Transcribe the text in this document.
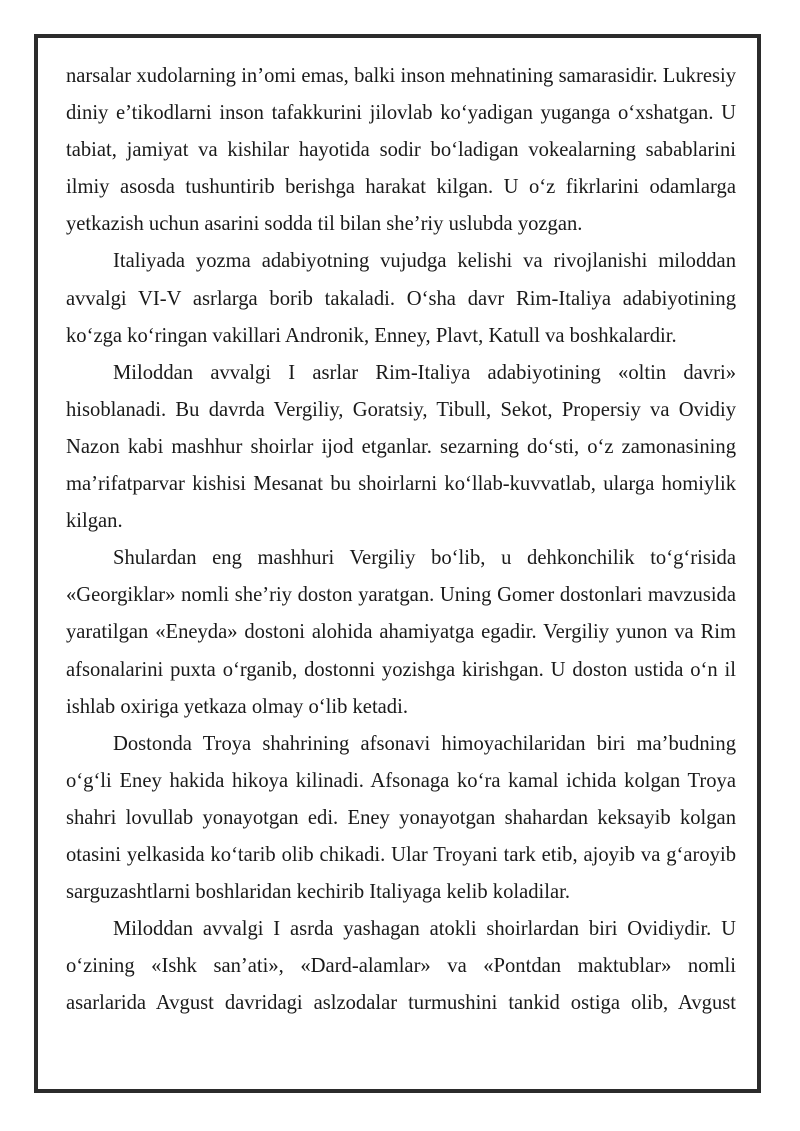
narsalar xudolarning in’omi emas, balki inson mehnatining samarasidir. Lukresiy diniy e’tikodlarni inson tafakkurini jilovlab ko‘yadigan yuganga o‘xshatgan. U tabiat, jamiyat va kishilar hayotida sodir bo‘ladigan vokealarning sabablarini ilmiy asosda tushuntirib berishga harakat kilgan. U o‘z fikrlarini odamlarga yetkazish uchun asarini sodda til bilan she’riy uslubda yozgan.

Italiyada yozma adabiyotning vujudga kelishi va rivojlanishi miloddan avvalgi VI-V asrlarga borib takaladi. O‘sha davr Rim-Italiya adabiyotining ko‘zga ko‘ringan vakillari Andronik, Enney, Plavt, Katull va boshkalardir.

Miloddan avvalgi I asrlar Rim-Italiya adabiyotining «oltin davri» hisoblanadi. Bu davrda Vergiliy, Goratsiy, Tibull, Sekot, Propersiy va Ovidiy Nazon kabi mashhur shoirlar ijod etganlar. sezarning do‘sti, o‘z zamonasining ma’rifatparvar kishisi Mesanat bu shoirlarni ko‘llab-kuvvatlab, ularga homiylik kilgan.

Shulardan eng mashhuri Vergiliy bo‘lib, u dehkonchilik to‘g‘risida «Georgiklar» nomli she’riy doston yaratgan. Uning Gomer dostonlari mavzusida yaratilgan «Eneyda» dostoni alohida ahamiyatga egadir. Vergiliy yunon va Rim afsonalarini puxta o‘rganib, dostonni yozishga kirishgan. U doston ustida o‘n il ishlab oxiriga yetkaza olmay o‘lib ketadi.

Dostonda Troya shahrining afsonavi himoyachilaridan biri ma’budning o‘g‘li Eney hakida hikoya kilinadi. Afsonaga ko‘ra kamal ichida kolgan Troya shahri lovullab yonayotgan edi. Eney yonayotgan shahardan keksayib kolgan otasini yelkasida ko‘tarib olib chikadi. Ular Troyani tark etib, ajoyib va g‘aroyib sarguzashtlarni boshlaridan kechirib Italiyaga kelib koladilar.

Miloddan avvalgi I asrda yashagan atokli shoirlardan biri Ovidiydir. U o‘zining «Ishk san’ati», «Dard-alamlar» va «Pontdan maktublar» nomli asarlarida Avgust davridagi aslzodalar turmushini tankid ostiga olib, Avgust
